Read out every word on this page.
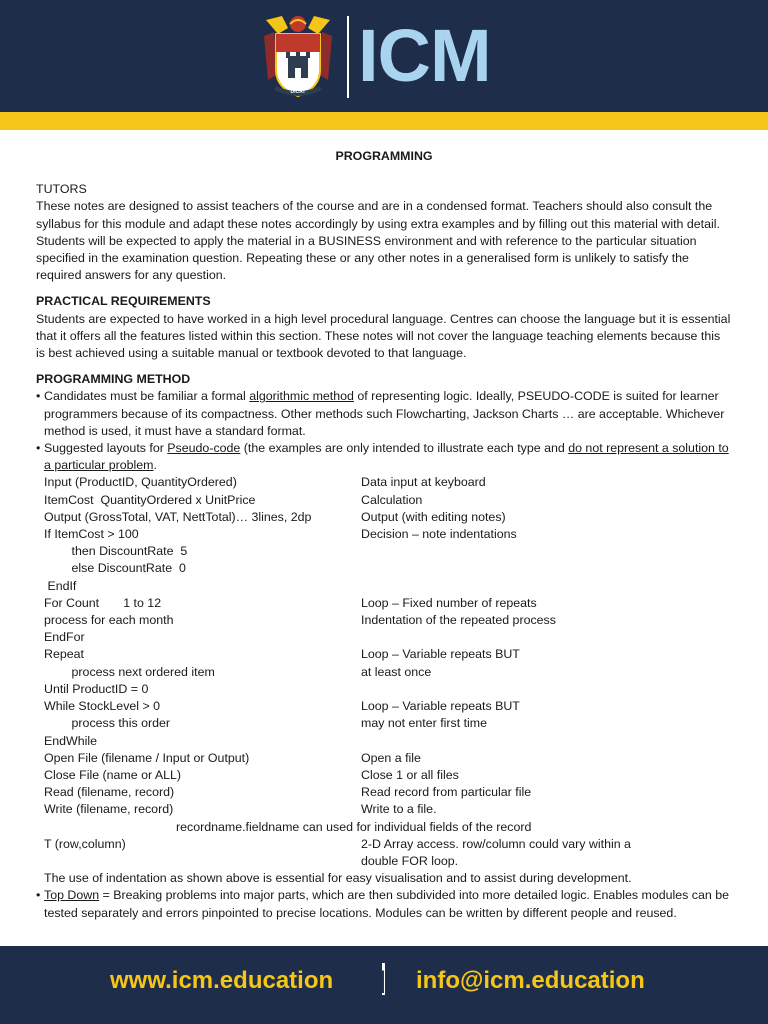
DICAT ICM
PROGRAMMING

TUTORS

These notes are designed to assist teachers of the course and are in a condensed format. Teachers should also consult the syllabus for this module and adapt these notes accordingly by using extra examples and by filling out this material with detail. Students will be expected to apply the material in a BUSINESS environment and with reference to the particular situation specified in the examination question. Repeating these or any other notes in a generalised form is unlikely to satisfy the required answers for any question.

PRACTICAL REQUIREMENTS

Students are expected to have worked in a high level procedural language. Centres can choose the language but it is essential that it offers all the features listed within this section. These notes will not cover the language teaching elements because this is best achieved using a suitable manual or textbook devoted to that language.

PROGRAMMING METHOD

• Candidates must be familiar a formal algorithmic method of representing logic. Ideally, PSEUDO-CODE is suited for learner programmers because of its compactness. Other methods such Flowcharting, Jackson Charts … are acceptable. Whichever method is used, it must have a standard format.
• Suggested layouts for Pseudo-code (the examples are only intended to illustrate each type and do not represent a solution to a particular problem.
Input (ProductID, QuantityOrdered)	Data input at keyboard
ItemCost  QuantityOrdered x UnitPrice	Calculation
Output (GrossTotal, VAT, NettTotal)… 3lines, 2dp	Output (with editing notes)
If ItemCost > 100	Decision – note indentations
then DiscountRate  5
else DiscountRate  0
EndIf
For Count       1 to 12	Loop – Fixed number of repeats
process for each month	Indentation of the repeated process
EndFor
Repeat	Loop – Variable repeats BUT
process next ordered item	at least once
Until ProductID = 0
While StockLevel > 0	Loop – Variable repeats BUT
process this order	may not enter first time
EndWhile
Open File (filename / Input or Output)	Open a file
Close File (name or ALL)	Close 1 or all files
Read (filename, record)	Read record from particular file
Write (filename, record)	Write to a file.
recordname.fieldname can used for individual fields of the record
T (row,column)	2-D Array access. row/column could vary within a
double FOR loop.

The use of indentation as shown above is essential for easy visualisation and to assist during development.

• Top Down = Breaking problems into major parts, which are then subdivided into more detailed logic. Enables modules can be tested separately and errors pinpointed to precise locations. Modules can be written by different people and reused.
www.icm.education | info@icm.education
